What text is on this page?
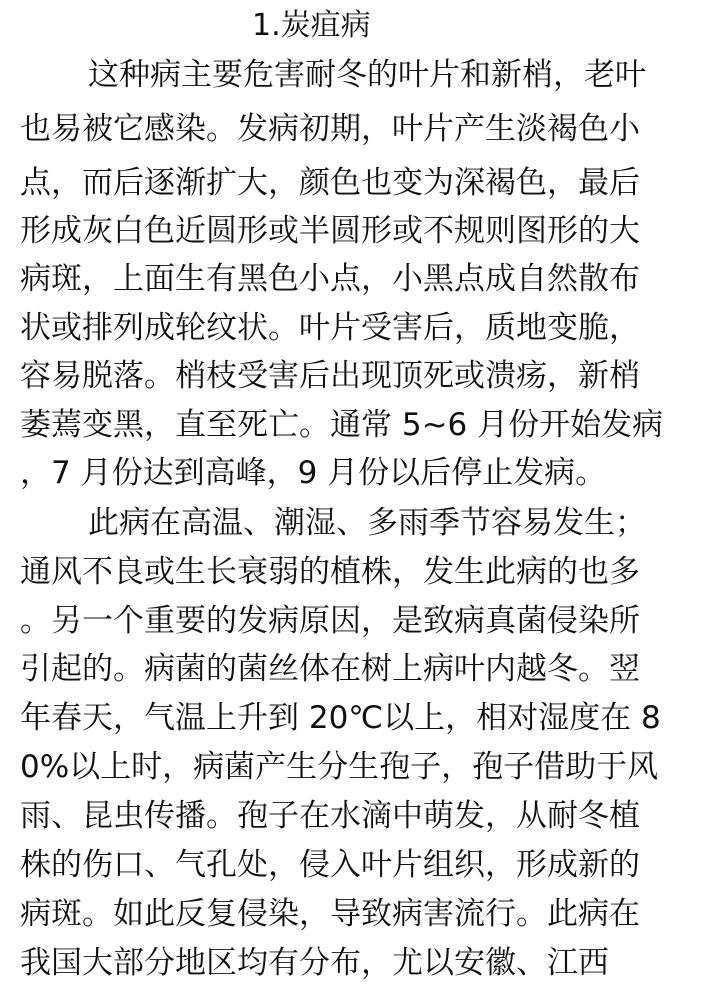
1.炭疽病
这种病主要危害耐冬的叶片和新梢，老叶
也易被它感染。发病初期，叶片产生淡褐色小
点，而后逐渐扩大，颜色也变为深褐色，最后
形成灰白色近圆形或半圆形或不规则图形的大
病斑，上面生有黑色小点，小黑点成自然散布
状或排列成轮纹状。叶片受害后，质地变脆，
容易脱落。梢枝受害后出现顶死或溃疡，新梢
萎蔫变黑，直至死亡。通常 5~6 月份开始发病
，7 月份达到高峰，9 月份以后停止发病。
此病在高温、潮湿、多雨季节容易发生；
通风不良或生长衰弱的植株，发生此病的也多
。另一个重要的发病原因，是致病真菌侵染所
引起的。病菌的菌丝体在树上病叶内越冬。翌
年春天，气温上升到 20℃以上，相对湿度在 8
0%以上时，病菌产生分生孢子，孢子借助于风
雨、昆虫传播。孢子在水滴中萌发，从耐冬植
株的伤口、气孔处，侵入叶片组织，形成新的
病斑。如此反复侵染，导致病害流行。此病在
我国大部分地区均有分布，尤以安徽、江西
